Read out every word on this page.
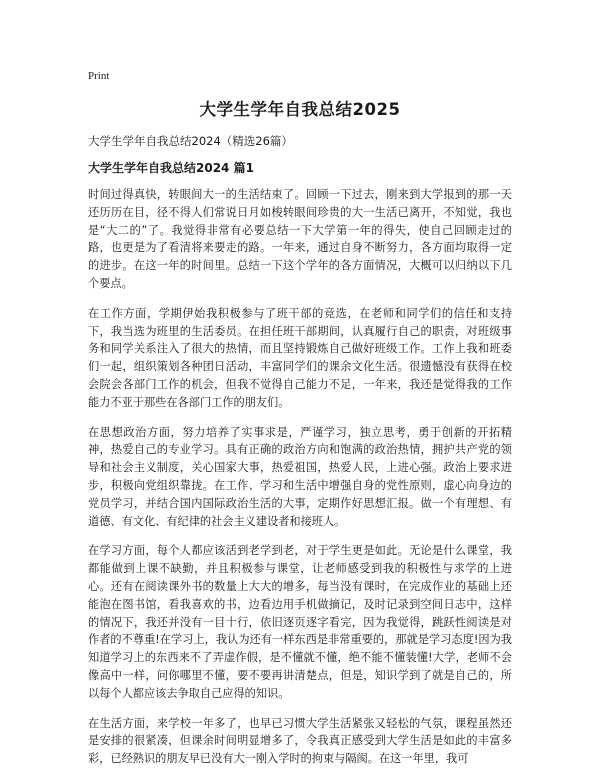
Print
大学生学年自我总结2025

大学生学年自我总结2024（精选26篇）

大学生学年自我总结2024 篇1

时间过得真快，转眼间大一的生活结束了。回顾一下过去，刚来到大学报到的那一天还历历在目，径不得人们常说日月如梭转眼间珍贵的大一生活已离开，不知觉，我也是“大二的”了。我觉得非常有必要总结一下大学第一年的得失，使自己回顾走过的路，也更是为了看清将来要走的路。一年来，通过自身不断努力，各方面均取得一定的进步。在这一年的时间里。总结一下这个学年的各方面情况，大概可以归纳以下几个要点。

在工作方面，学期伊始我积极参与了班干部的竞选，在老师和同学们的信任和支持下，我当选为班里的生活委员。在担任班干部期间，认真履行自己的职责，对班级事务和同学关系注入了很大的热情，而且坚持锻炼自己做好班级工作。工作上我和班委们一起，组织策划各种团日活动，丰富同学们的课余文化生活。很遗憾没有获得在校会院会各部门工作的机会，但我不觉得自己能力不足，一年来，我还是觉得我的工作能力不亚于那些在各部门工作的朋友们。

在思想政治方面，努力培养了实事求是，严谨学习，独立思考，勇于创新的开拓精神，热爱自己的专业学习。具有正确的政治方向和饱满的政治热情，拥护共产党的领导和社会主义制度，关心国家大事，热爱祖国，热爱人民，上进心强。政治上要求进步，积极向党组织靠拢。在工作、学习和生活中增强自身的党性原则，虚心向身边的党员学习，并结合国内国际政治生活的大事，定期作好思想汇报。做一个有理想、有道德、有文化、有纪律的社会主义建设者和接班人。

在学习方面，每个人都应该活到老学到老，对于学生更是如此。无论是什么课堂，我都能做到上课不缺勤，并且积极参与课堂，让老师感受到我的积极性与求学的上进心。还有在阅读课外书的数量上大大的增多，每当没有课时，在完成作业的基础上还能泡在图书馆，看我喜欢的书，边看边用手机做摘记，及时记录到空间日志中，这样的情况下，我还并没有一目十行，依旧逐页逐字看完，因为我觉得，跳跃性阅读是对作者的不尊重!在学习上，我认为还有一样东西是非常重要的，那就是学习态度!因为我知道学习上的东西来不了弄虚作假，是不懂就不懂，绝不能不懂装懂!大学，老师不会像高中一样，问你哪里不懂，要不要再讲清楚点，但是，知识学到了就是自己的，所以每个人都应该去争取自己应得的知识。

在生活方面，来学校一年多了，也早已习惯大学生活紧张又轻松的气氛，课程虽然还是安排的很紧凑，但课余时间明显增多了，令我真正感受到大学生活是如此的丰富多彩，已经熟识的朋友早已没有大一刚入学时的拘束与隔阂。在这一年里，我可
